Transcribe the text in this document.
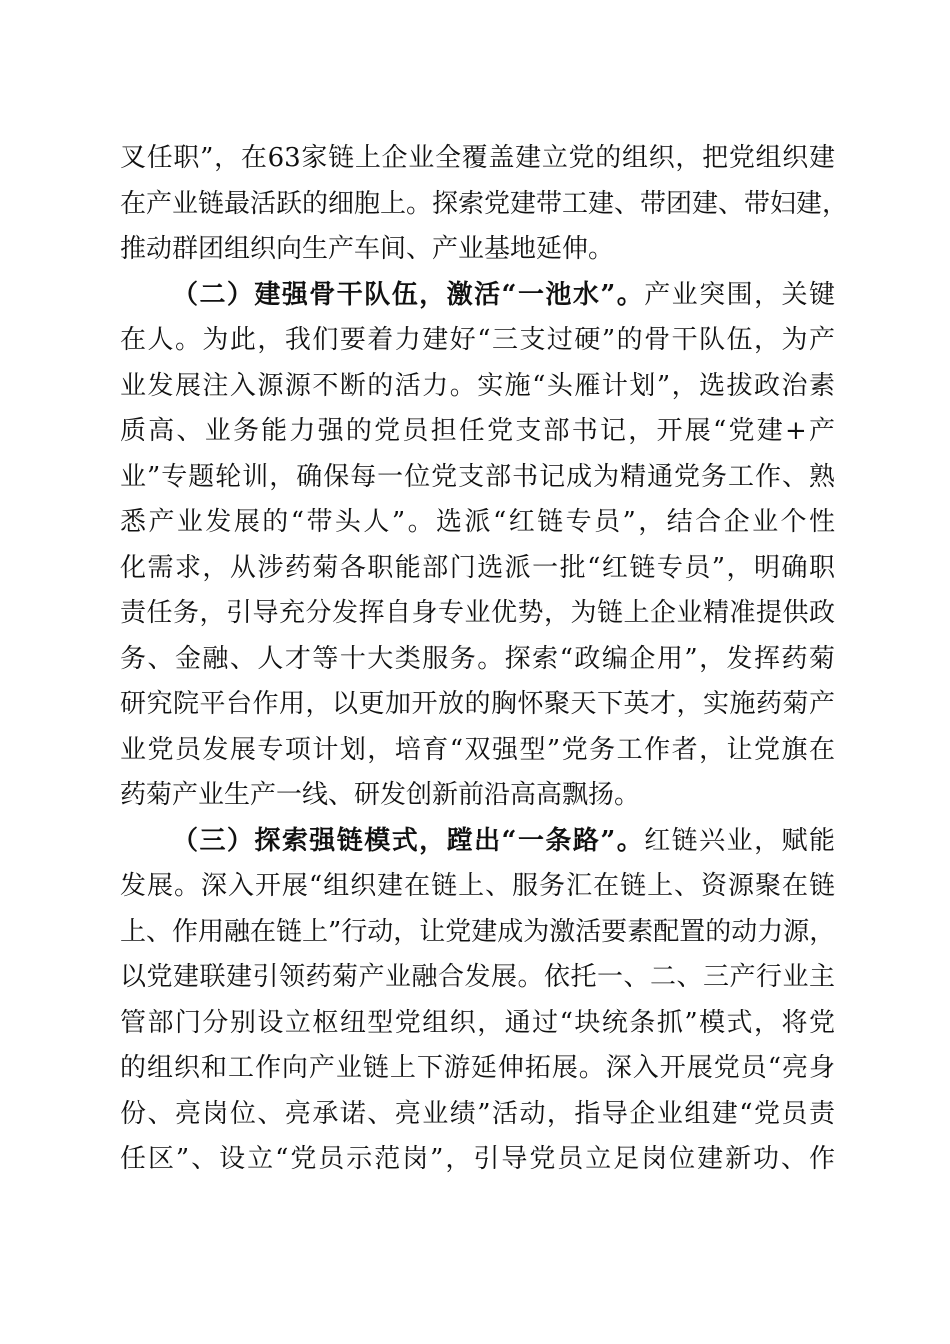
叉任职”，在63家链上企业全覆盖建立党的组织，把党组织建
在产业链最活跃的细胞上。探索党建带工建、带团建、带妇建，
推动群团组织向生产车间、产业基地延伸。
（二）建强骨干队伍，激活“一池水”。产业突围，关键
在人。为此，我们要着力建好“三支过硬”的骨干队伍，为产
业发展注入源源不断的活力。实施“头雁计划”，选拔政治素
质高、业务能力强的党员担任党支部书记，开展“党建+产
业”专题轮训，确保每一位党支部书记成为精通党务工作、熟
悉产业发展的“带头人”。选派“红链专员”，结合企业个性
化需求，从涉药菊各职能部门选派一批“红链专员”，明确职
责任务，引导充分发挥自身专业优势，为链上企业精准提供政
务、金融、人才等十大类服务。探索“政编企用”，发挥药菊
研究院平台作用，以更加开放的胸怀聚天下英才，实施药菊产
业党员发展专项计划，培育“双强型”党务工作者，让党旗在
药菊产业生产一线、研发创新前沿高高飘扬。
（三）探索强链模式，蹚出“一条路”。红链兴业，赋能
发展。深入开展“组织建在链上、服务汇在链上、资源聚在链
上、作用融在链上”行动，让党建成为激活要素配置的动力源，
以党建联建引领药菊产业融合发展。依托一、二、三产行业主
管部门分别设立枢纽型党组织，通过“块统条抓”模式，将党
的组织和工作向产业链上下游延伸拓展。深入开展党员“亮身
份、亮岗位、亮承诺、亮业绩”活动，指导企业组建“党员责
任区”、设立“党员示范岗”，引导党员立足岗位建新功、作
